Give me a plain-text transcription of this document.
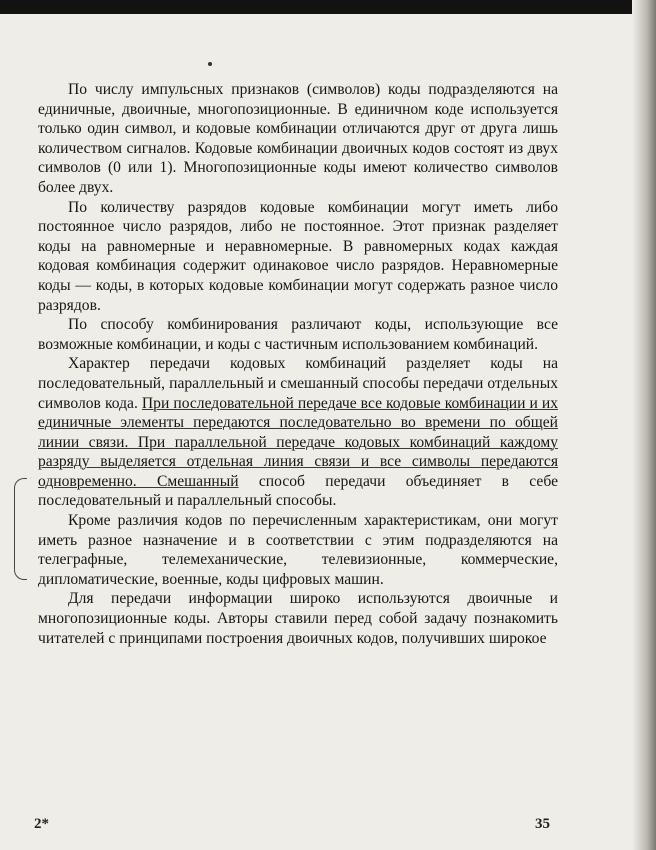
По числу импульсных признаков (символов) коды подразделяются на единичные, двоичные, многопозиционные. В единичном коде используется только один символ, и кодовые комбинации отличаются друг от друга лишь количеством сигналов. Кодовые комбинации двоичных кодов состоят из двух символов (0 или 1). Многопозиционные коды имеют количество символов более двух.

По количеству разрядов кодовые комбинации могут иметь либо постоянное число разрядов, либо не постоянное. Этот признак разделяет коды на равномерные и неравномерные. В равномерных кодах каждая кодовая комбинация содержит одинаковое число разрядов. Неравномерные коды — коды, в которых кодовые комбинации могут содержать разное число разрядов.

По способу комбинирования различают коды, использующие все возможные комбинации, и коды с частичным использованием комбинаций.

Характер передачи кодовых комбинаций разделяет коды на последовательный, параллельный и смешанный способы передачи отдельных символов кода. При последовательной передаче все кодовые комбинации и их единичные элементы передаются последовательно во времени по общей линии связи. При параллельной передаче кодовых комбинаций каждому разряду выделяется отдельная линия связи и все символы передаются одновременно. Смешанный способ передачи объединяет в себе последовательный и параллельный способы.

Кроме различия кодов по перечисленным характеристикам, они могут иметь разное назначение и в соответствии с этим подразделяются на телеграфные, телемеханические, телевизионные, коммерческие, дипломатические, военные, коды цифровых машин.

Для передачи информации широко используются двоичные и многопозиционные коды. Авторы ставили перед собой задачу познакомить читателей с принципами построения двоичных кодов, получивших широкое

2*	35
